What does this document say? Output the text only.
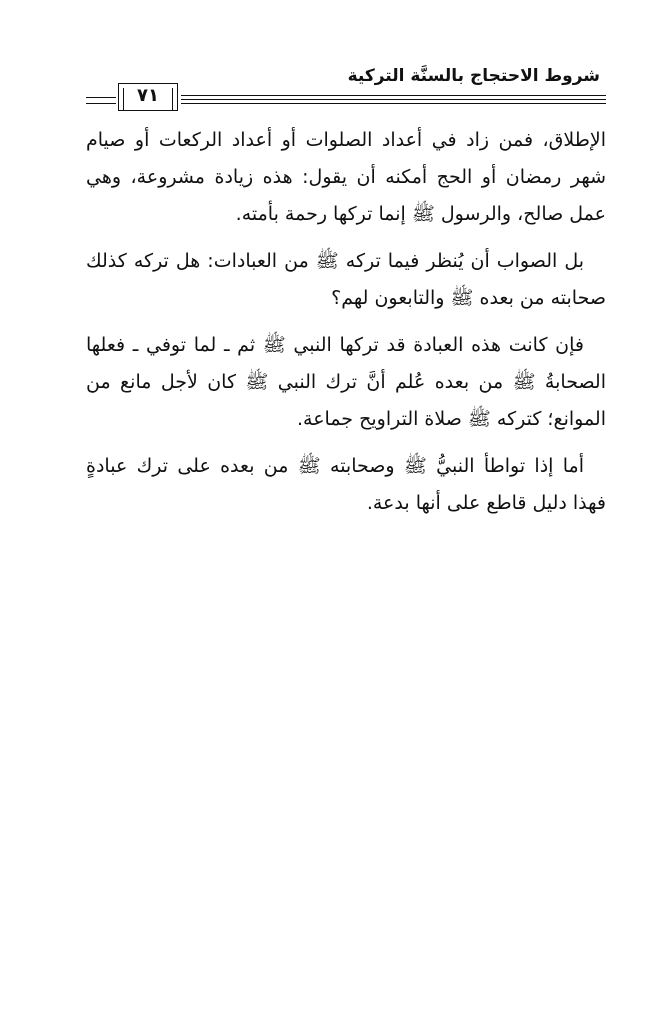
شروط الاحتجاج بالسنَّة التركية
٧١

الإطلاق، فمن زاد في أعداد الصلوات أو أعداد الركعات أو صيام شهر رمضان أو الحج أمكنه أن يقول: هذه زيادة مشروعة، وهي عمل صالح، والرسول ﷺ إنما تركها رحمة بأمته.

بل الصواب أن يُنظر فيما تركه ﷺ من العبادات: هل تركه كذلك صحابته من بعده ﷺ والتابعون لهم؟

فإن كانت هذه العبادة قد تركها النبي ﷺ ثم ـ لما توفي ـ فعلها الصحابةُ ﷺ من بعده عُلم أنَّ ترك النبي ﷺ كان لأجل مانع من الموانع؛ كتركه ﷺ صلاة التراويح جماعة.

أما إذا تواطأ النبيُّ ﷺ وصحابته ﷺ من بعده على ترك عبادةٍ فهذا دليل قاطع على أنها بدعة.
